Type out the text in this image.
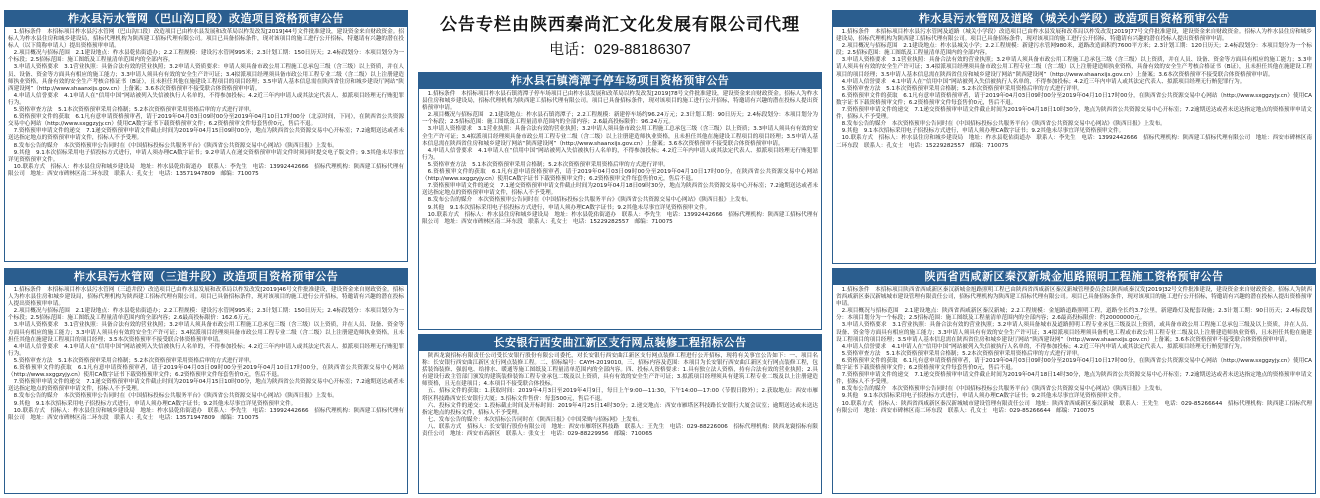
柞水县污水管网（巴山沟口段）改造项目资格预审公告

1.招标条件　本招标项目柞水县污水管网（巴山沟口段）改造项目已由柞水县发展和改革局以柞发改发[2019]44号文件批准建设，建设资金来自财政资金。招标人为柞水县住房和城乡建设局，招标代理机构为陕西建工招标代理有限公司。项目已具备招标条件，现对该项目的施工进行公开招标，特邀请有兴趣的潜在投标人（以下简称申请人）提出资格预审申请。

2.项目概况与招标范围　2.1建设地点：柞水县乾佑街道办；2.2工程规模：建设污水管网995米；2.3计划工期：150日历天；2.4标段划分：本项目划分为一个标段；2.5招标范围：施工图纸及工程量清单范围内的全部内容。

3.申请人资格要求　3.1营业执照：具备合法有效的营业执照；3.2申请人资质要求：申请人须具备市政公用工程施工总承包三级（含三级）以上资质，并在人员、设备、资金等方面具有相应的施工能力；3.3申请人须具有有效的安全生产许可证；3.4拟派项目经理须具备市政公用工程专业二级（含二级）以上注册建造师执业资格，具备有效的安全生产考核合格证书（B证），且未担任其他在施建设工程项目的项目经理；3.5申请人基本信息需在陕西省住房和城乡建设厅网站“陕西建设网”（http://www.shaanxijs.gov.cn）上备案；3.6本次资格预审不接受联合体资格预审申请。

4.申请人信誉要求　4.1申请人在“信用中国”网站被列入失信被执行人名单的，不得参加投标；4.2近三年内申请人或其法定代表人、拟派项目经理无行贿犯罪行为。

5.资格审查方法　5.1本次资格预审采用合格制；5.2本次资格预审采用资格后审的方式进行评审。

6.资格预审文件的获取　6.1凡有意申请资格预审者，请于2019年04月03日09时00分至2019年04月10日17时00分（北京时间，下同），在陕西省公共资源交易中心网站（http://www.sxggzyjy.cn）使用CA数字证书下载资格预审文件；6.2资格预审文件每套售价0元，售后不退。

7.资格预审申请文件的递交　7.1递交资格预审申请文件截止时间为2019年04月15日09时00分，地点为陕西省公共资源交易中心开标室；7.2逾期送达或者未送达指定地点的资格预审申请文件，招标人不予受理。

8.发布公告的媒介　本次资格预审公告同时在《中国招标投标公共服务平台》《陕西省公共资源交易中心网站》《陕西日报》上发布。

9.其他　9.1本次招标采用电子招投标方式进行，申请人须办理CA数字证书；9.2申请人在递交资格预审申请文件时须同时提交电子版文件；9.3其他未尽事宜详见资格预审文件。

10.联系方式　招标人：柞水县住房和城乡建设局　地址：柞水县乾佑街道办　联系人：李先生　电话：13992442666　招标代理机构：陕西建工招标代理有限公司　地址：西安市碑林区南二环东段　联系人：孔女士　电话：13571947809　邮编：710075

柞水县污水管网（三道井段）改造项目资格预审公告

1.招标条件　本招标项目柞水县污水管网（三道井段）改造项目已由柞水县发展和改革局以柞发改发[2019]46号文件批准建设，建设资金来自财政资金。招标人为柞水县住房和城乡建设局，招标代理机构为陕西建工招标代理有限公司。项目已具备招标条件，现对该项目的施工进行公开招标，特邀请有兴趣的潜在投标人提出资格预审申请。

2.项目概况与招标范围　2.1建设地点：柞水县乾佑街道办；2.2工程规模：建设污水管网995米；2.3计划工期：150日历天；2.4标段划分：本项目划分为一个标段；2.5招标范围：施工图纸及工程量清单范围内的全部内容；2.6最高投标限价：162.6万元。

3.申请人资格要求　3.1营业执照：具备合法有效的营业执照；3.2申请人须具备市政公用工程施工总承包三级（含三级）以上资质，并在人员、设备、资金等方面具有相应的施工能力；3.3申请人须具有有效的安全生产许可证；3.4拟派项目经理须具备市政公用工程专业二级（含二级）以上注册建造师执业资格，且未担任其他在施建设工程项目的项目经理；3.5本次资格预审不接受联合体资格预审申请。

4.申请人信誉要求　4.1申请人在“信用中国”网站被列入失信被执行人名单的，不得参加投标；4.2近三年内申请人或其法定代表人、拟派项目经理无行贿犯罪行为。

5.资格审查方法　5.1本次资格预审采用合格制；5.2本次资格预审采用资格后审的方式进行评审。

6.资格预审文件的获取　6.1凡有意申请资格预审者，请于2019年04月03日09时00分至2019年04月10日17时00分，在陕西省公共资源交易中心网站（http://www.sxggzyjy.cn）使用CA数字证书下载资格预审文件；6.2资格预审文件每套售价0元，售后不退。

7.资格预审申请文件的递交　7.1递交资格预审申请文件截止时间为2019年04月15日10时00分，地点为陕西省公共资源交易中心开标室；7.2逾期送达或者未送达指定地点的资格预审申请文件，招标人不予受理。

8.发布公告的媒介　本次资格预审公告同时在《中国招标投标公共服务平台》《陕西省公共资源交易中心网站》《陕西日报》上发布。

9.其他　9.1本次招标采用电子招投标方式进行，申请人须办理CA数字证书；9.2其他未尽事宜详见资格预审文件。

10.联系方式　招标人：柞水县住房和城乡建设局　地址：柞水县乾佑街道办　联系人：李先生　电话：13992442666　招标代理机构：陕西建工招标代理有限公司　地址：西安市碑林区南二环东段　联系人：孔女士　电话：13571947809　邮编：710075

公告专栏由陕西秦尚汇文化发展有限公司代理
电话：029-88186307
柞水县石镇湾潭子停车场项目资格预审公告

1.招标条件　本招标项目柞水县石镇湾潭子停车场项目已由柞水县发展和改革局以柞发改发[2019]78号文件批准建设，建设资金来自财政资金。招标人为柞水县住房和城乡建设局，招标代理机构为陕西建工招标代理有限公司。项目已具备招标条件，现对该项目的施工进行公开招标，特邀请有兴趣的潜在投标人提出资格预审申请。

2.项目概况与招标范围　2.1建设地点：柞水县石镇湾潭子；2.2工程规模：新建停车场约96.24万元；2.3计划工期：90日历天；2.4标段划分：本项目划分为一个标段；2.5招标范围：施工图纸及工程量清单范围内的全部内容；2.6最高投标限价：96.24万元。

3.申请人资格要求　3.1营业执照：具备合法有效的营业执照；3.2申请人须具备市政公用工程施工总承包三级（含三级）以上资质；3.3申请人须具有有效的安全生产许可证；3.4拟派项目经理须具备市政公用工程专业二级（含二级）以上注册建造师执业资格，且未担任其他在施建设工程项目的项目经理；3.5申请人基本信息需在陕西省住房和城乡建设厅网站“陕西建设网”（http://www.shaanxijs.gov.cn）上备案；3.6本次资格预审不接受联合体资格预审申请。

4.申请人信誉要求　4.1申请人在“信用中国”网站被列入失信被执行人名单的，不得参加投标；4.2近三年内申请人或其法定代表人、拟派项目经理无行贿犯罪行为。

5.资格审查方法　5.1本次资格预审采用合格制；5.2本次资格预审采用资格后审的方式进行评审。

6.资格预审文件的获取　6.1凡有意申请资格预审者，请于2019年04月03日09时00分至2019年04月10日17时00分，在陕西省公共资源交易中心网站（http://www.sxggzyjy.cn）使用CA数字证书下载资格预审文件；6.2资格预审文件每套售价0元，售后不退。

7.资格预审申请文件的递交　7.1递交资格预审申请文件截止时间为2019年04月18日09时30分，地点为陕西省公共资源交易中心开标室；7.2逾期送达或者未送达指定地点的资格预审申请文件，招标人不予受理。

8.发布公告的媒介　本次资格预审公告同时在《中国招标投标公共服务平台》《陕西省公共资源交易中心网站》《陕西日报》上发布。

9.其他　9.1本次招标采用电子招投标方式进行，申请人须办理CA数字证书；9.2其他未尽事宜详见资格预审文件。

10.联系方式　招标人：柞水县住房和城乡建设局　地址：柞水县乾佑街道办　联系人：李先生　电话：13992442666　招标代理机构：陕西建工招标代理有限公司　地址：西安市碑林区南二环东段　联系人：孔女士　电话：15229282557　邮编：710075

长安银行西安曲江新区支行网点装修工程招标公告

陕西龙寰招标有限责任公司受长安银行股份有限公司委托，对长安银行西安曲江新区支行网点装修工程进行公开招标，现将有关事宜公告如下：一、项目名称：长安银行西安曲江新区支行网点装修工程。二、招标编号：CAYH-2019010。三、招标内容及范围：本项目为长安银行西安曲江新区支行网点装修工程，包括装饰装修、强弱电、给排水、暖通等施工图纸及工程量清单范围内的全部内容。四、投标人资格要求：1.具有独立法人资格，持有合法有效的营业执照；2.具有建设行政主管部门颁发的建筑装修装饰工程专业承包二级及以上资质，具有有效的安全生产许可证；3.拟派项目经理须具有建筑工程专业二级及以上注册建造师资格，且无在建项目；4.本项目不接受联合体投标。

五、招标文件的获取：1.获取时间：2019年4月3日至2019年4月9日，每日上午9:00—11:30，下午14:00—17:00（节假日除外）；2.获取地点：西安市雁塔区科技路西安长安银行大厦；3.招标文件售价：每套500元，售后不退。

六、投标文件的递交：1.投标截止时间及开标时间：2019年4月25日14时30分；2.递交地点：西安市雁塔区科技路长安银行大厦会议室；逾期送达或未送达指定地点的投标文件，招标人不予受理。

七、发布公告的媒介：本次招标公告同时在《陕西日报》《中国采购与招标网》上发布。

八、联系方式　招标人：长安银行股份有限公司　地址：西安市雁塔区科技路　联系人：王先生　电话：029-88226006　招标代理机构：陕西龙寰招标有限责任公司　地址：西安市高新区　联系人：张女士　电话：029-88229956　邮编：710065

柞水县污水管网及道路（城关小学段）改造项目资格预审公告

1.招标条件　本招标项目柞水县污水管网及道路（城关小学段）改造项目已由柞水县发展和改革局以柞发改发[2019]77号文件批准建设，建设资金来自财政资金。招标人为柞水县住房和城乡建设局，招标代理机构为陕西建工招标代理有限公司。项目已具备招标条件，现对该项目的施工进行公开招标，特邀请有兴趣的潜在投标人提出资格预审申请。

2.项目概况与招标范围　2.1建设地点：柞水县城关小学；2.2工程规模：新建污水管网980米，道路改造面积约7600平方米；2.3计划工期：120日历天；2.4标段划分：本项目划分为一个标段；2.5招标范围：施工图纸及工程量清单范围内的全部内容。

3.申请人资格要求　3.1营业执照：具备合法有效的营业执照；3.2申请人须具备市政公用工程施工总承包三级（含三级）以上资质，并在人员、设备、资金等方面具有相应的施工能力；3.3申请人须具有有效的安全生产许可证；3.4拟派项目经理须具备市政公用工程专业二级（含二级）以上注册建造师执业资格，具备有效的安全生产考核合格证书（B证），且未担任其他在施建设工程项目的项目经理；3.5申请人基本信息需在陕西省住房和城乡建设厅网站“陕西建设网”（http://www.shaanxijs.gov.cn）上备案；3.6本次资格预审不接受联合体资格预审申请。

4.申请人信誉要求　4.1申请人在“信用中国”网站被列入失信被执行人名单的，不得参加投标；4.2近三年内申请人或其法定代表人、拟派项目经理无行贿犯罪行为。

5.资格审查方法　5.1本次资格预审采用合格制；5.2本次资格预审采用资格后审的方式进行评审。

6.资格预审文件的获取　6.1凡有意申请资格预审者，请于2019年04月03日09时00分至2019年04月10日17时00分，在陕西省公共资源交易中心网站（http://www.sxggzyjy.cn）使用CA数字证书下载资格预审文件；6.2资格预审文件每套售价0元，售后不退。

7.资格预审申请文件的递交　7.1递交资格预审申请文件截止时间为2019年04月18日10时30分，地点为陕西省公共资源交易中心开标室；7.2逾期送达或者未送达指定地点的资格预审申请文件，招标人不予受理。

8.发布公告的媒介　本次资格预审公告同时在《中国招标投标公共服务平台》《陕西省公共资源交易中心网站》《陕西日报》上发布。

9.其他　9.1本次招标采用电子招投标方式进行，申请人须办理CA数字证书；9.2其他未尽事宜详见资格预审文件。

10.联系方式　招标人：柞水县住房和城乡建设局　地址：柞水县乾佑街道办　联系人：李先生　电话：13992442666　招标代理机构：陕西建工招标代理有限公司　地址：西安市碑林区南二环东段　联系人：孔女士　电话：15229282557　邮编：710075

陕西省西咸新区秦汉新城金旭路照明工程施工资格预审公告

1.招标条件　本招标项目陕西省西咸新区秦汉新城金旭路照明工程已由陕西省西咸新区秦汉新城管理委员会以陕西咸秦汉发[2019]32号文件批准建设，建设资金来自财政资金。招标人为陕西省西咸新区秦汉新城城市建设管理有限责任公司，招标代理机构为陕西建工招标代理有限公司。项目已具备招标条件，现对该项目的施工进行公开招标，特邀请有兴趣的潜在投标人提出资格预审申请。

2.项目概况与招标范围　2.1建设地点：陕西省西咸新区秦汉新城；2.2工程规模：金旭路道路照明工程，道路全长约3.7公里，新建路灯及配套设施；2.3计划工期：90日历天；2.4标段划分：本项目划分为一个标段；2.5招标范围：施工图纸及工程量清单范围内的全部内容；2.6最高投标限价：约20000000元。

3.申请人资格要求　3.1营业执照：具备合法有效的营业执照；3.2申请人须具备城市及道路照明工程专业承包三级及以上资质，或具备市政公用工程施工总承包三级及以上资质，并在人员、设备、资金等方面具有相应的施工能力；3.3申请人须具有有效的安全生产许可证；3.4拟派项目经理须具备机电工程或市政公用工程专业二级及以上注册建造师执业资格，且未担任其他在施建设工程项目的项目经理；3.5申请人基本信息需在陕西省住房和城乡建设厅网站“陕西建设网”（http://www.shaanxijs.gov.cn）上备案；3.6本次资格预审不接受联合体资格预审申请。

4.申请人信誉要求　4.1申请人在“信用中国”网站被列入失信被执行人名单的，不得参加投标；4.2近三年内申请人或其法定代表人、拟派项目经理无行贿犯罪行为。

5.资格审查方法　5.1本次资格预审采用合格制；5.2本次资格预审采用资格后审的方式进行评审。

6.资格预审文件的获取　6.1凡有意申请资格预审者，请于2019年04月03日09时00分至2019年04月10日17时00分，在陕西省公共资源交易中心网站（http://www.sxggzyjy.cn）使用CA数字证书下载资格预审文件；6.2资格预审文件每套售价0元，售后不退。

7.资格预审申请文件的递交　7.1递交资格预审申请文件截止时间为2019年04月18日14时30分，地点为陕西省公共资源交易中心开标室；7.2逾期送达或者未送达指定地点的资格预审申请文件，招标人不予受理。

8.发布公告的媒介　本次资格预审公告同时在《中国招标投标公共服务平台》《陕西省公共资源交易中心网站》《陕西日报》上发布。

9.其他　9.1本次招标采用电子招投标方式进行，申请人须办理CA数字证书；9.2其他未尽事宜详见资格预审文件。

10.联系方式　招标人：陕西省西咸新区秦汉新城城市建设管理有限责任公司　地址：陕西省西咸新区秦汉新城　联系人：王先生　电话：029-85266644　招标代理机构：陕西建工招标代理有限公司　地址：西安市碑林区南二环东段　联系人：孔女士　电话：029-85266644　邮编：710075
